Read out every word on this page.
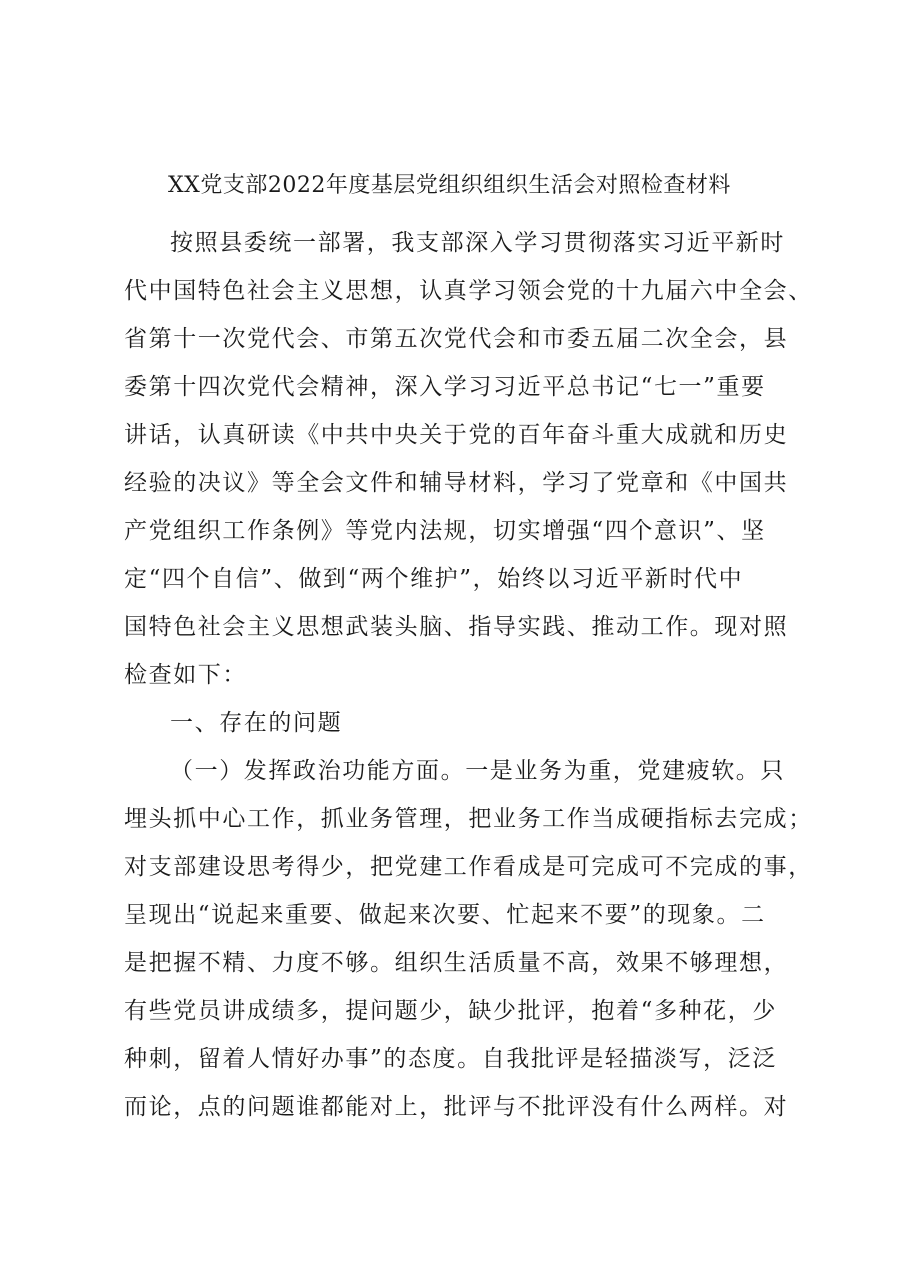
XX党支部2022年度基层党组织组织生活会对照检查材料
按照县委统一部署，我支部深入学习贯彻落实习近平新时
代中国特色社会主义思想，认真学习领会党的十九届六中全会、
省第十一次党代会、市第五次党代会和市委五届二次全会，县
委第十四次党代会精神，深入学习习近平总书记“七一”重要
讲话，认真研读《中共中央关于党的百年奋斗重大成就和历史
经验的决议》等全会文件和辅导材料，学习了党章和《中国共
产党组织工作条例》等党内法规，切实增强“四个意识”、坚
定“四个自信”、做到“两个维护”，始终以习近平新时代中
国特色社会主义思想武装头脑、指导实践、推动工作。现对照
检查如下：
一、存在的问题
（一）发挥政治功能方面。一是业务为重，党建疲软。只
埋头抓中心工作，抓业务管理，把业务工作当成硬指标去完成；
对支部建设思考得少，把党建工作看成是可完成可不完成的事，
呈现出“说起来重要、做起来次要、忙起来不要”的现象。二
是把握不精、力度不够。组织生活质量不高，效果不够理想，
有些党员讲成绩多，提问题少，缺少批评，抱着“多种花，少
种刺，留着人情好办事”的态度。自我批评是轻描淡写，泛泛
而论，点的问题谁都能对上，批评与不批评没有什么两样。对
